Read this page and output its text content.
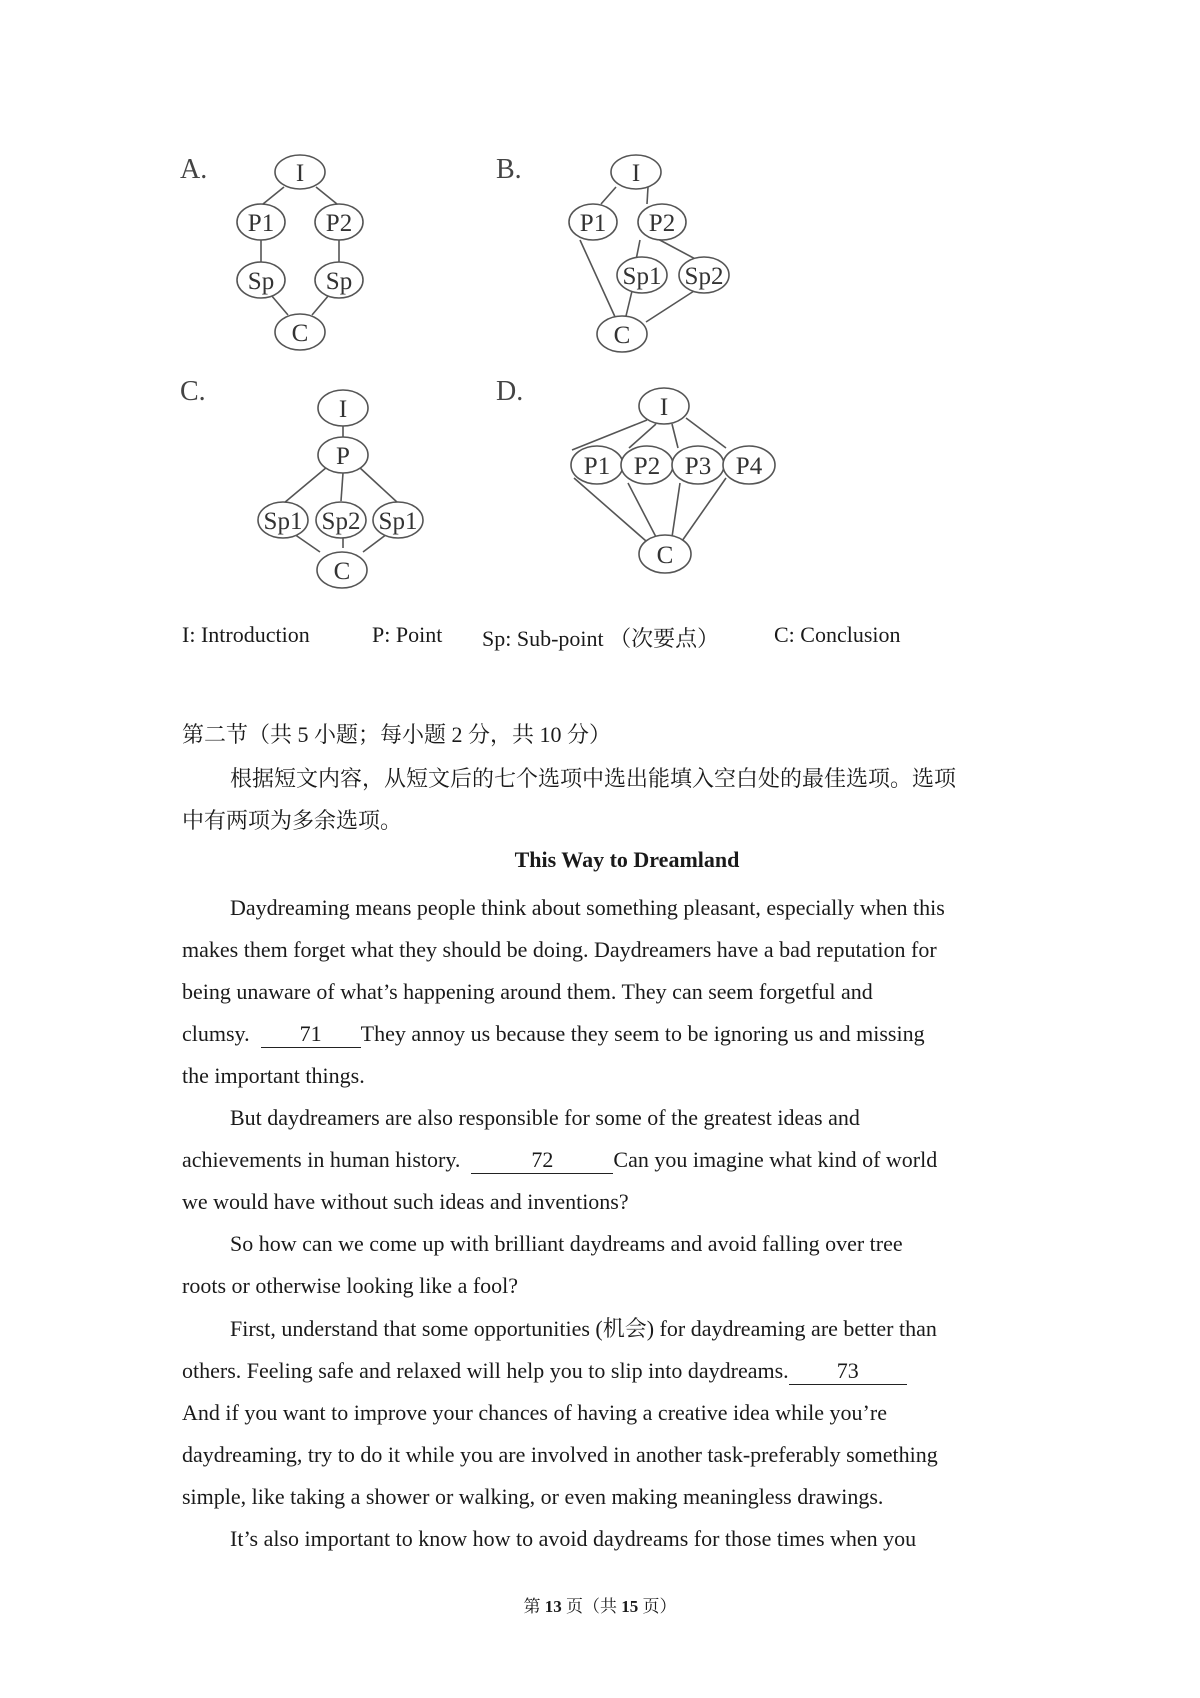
A.	I
P1 P2
Sp Sp
C
B.	I
P1 P2
Sp1 Sp2
C
C.
I
P
Sp1 Sp2 Sp1
C
D.
I
P1 P2 P3 P4
C
I: Introduction	P: Point Sp: Sub-point （次要点） C: Conclusion
第二节（共 5 小题；每小题 2 分，共 10 分）
根据短文内容，从短文后的七个选项中选出能填入空白处的最佳选项。选项
中有两项为多余选项。
This Way to Dreamland
Daydreaming means people think about something pleasant, especially when this
makes them forget what they should be doing. Daydreamers have a bad reputation for
being unaware of what’s happening around them. They can seem forgetful and
clumsy. 71 They annoy us because they seem to be ignoring us and missing
the important things.
But daydreamers are also responsible for some of the greatest ideas and
achievements in human history.	72	Can you imagine what kind of world
we would have without such ideas and inventions?
So how can we come up with brilliant daydreams and avoid falling over tree
roots or otherwise looking like a fool?
First, understand that some opportunities (机会) for daydreaming are better than
others. Feeling safe and relaxed will help you to slip into daydreams. 73
And if you want to improve your chances of having a creative idea while you’re
daydreaming, try to do it while you are involved in another task-preferably something
simple, like taking a shower or walking, or even making meaningless drawings.
It’s also important to know how to avoid daydreams for those times when you
第 13 页（共 15 页）
